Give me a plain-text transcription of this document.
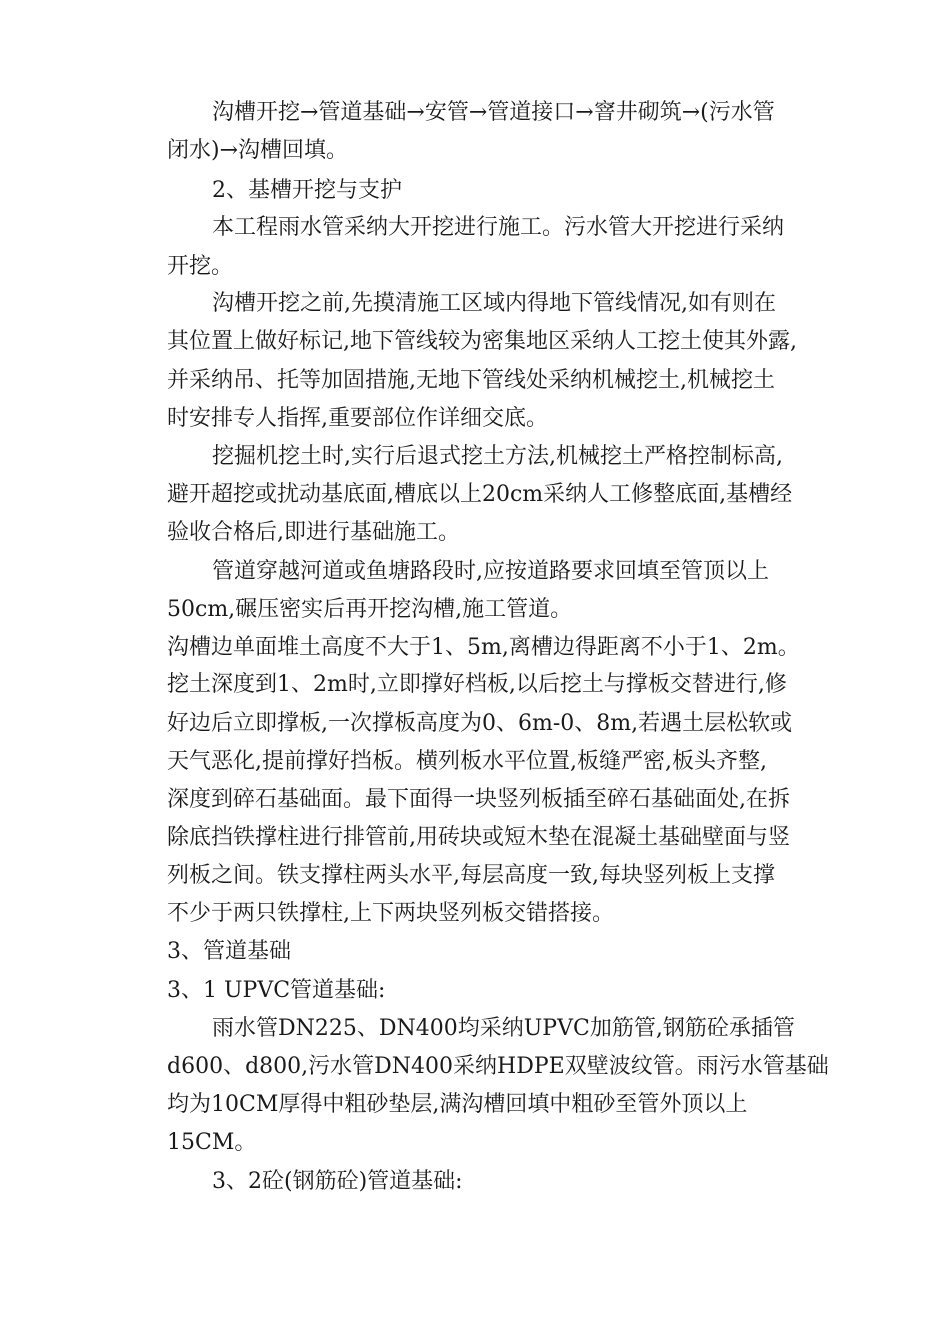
沟槽开挖→管道基础→安管→管道接口→窨井砌筑→(污水管
闭水)→沟槽回填。
2、基槽开挖与支护
本工程雨水管采纳大开挖进行施工。污水管大开挖进行采纳
开挖。
沟槽开挖之前,先摸清施工区域内得地下管线情况,如有则在
其位置上做好标记,地下管线较为密集地区采纳人工挖土使其外露,
并采纳吊、托等加固措施,无地下管线处采纳机械挖土,机械挖土
时安排专人指挥,重要部位作详细交底。
挖掘机挖土时,实行后退式挖土方法,机械挖土严格控制标高,
避开超挖或扰动基底面,槽底以上20cm采纳人工修整底面,基槽经
验收合格后,即进行基础施工。
管道穿越河道或鱼塘路段时,应按道路要求回填至管顶以上
50cm,碾压密实后再开挖沟槽,施工管道。
沟槽边单面堆土高度不大于1、5m,离槽边得距离不小于1、2m。
挖土深度到1、2m时,立即撑好档板,以后挖土与撑板交替进行,修
好边后立即撑板,一次撑板高度为0、6m-0、8m,若遇土层松软或
天气恶化,提前撑好挡板。横列板水平位置,板缝严密,板头齐整,
深度到碎石基础面。最下面得一块竖列板插至碎石基础面处,在拆
除底挡铁撑柱进行排管前,用砖块或短木垫在混凝土基础壁面与竖
列板之间。铁支撑柱两头水平,每层高度一致,每块竖列板上支撑
不少于两只铁撑柱,上下两块竖列板交错搭接。
3、管道基础
3、1 UPVC管道基础:
雨水管DN225、DN400均采纳UPVC加筋管,钢筋砼承插管
d600、d800,污水管DN400采纳HDPE双壁波纹管。雨污水管基础
均为10CM厚得中粗砂垫层,满沟槽回填中粗砂至管外顶以上
15CM。
3、2砼(钢筋砼)管道基础:
